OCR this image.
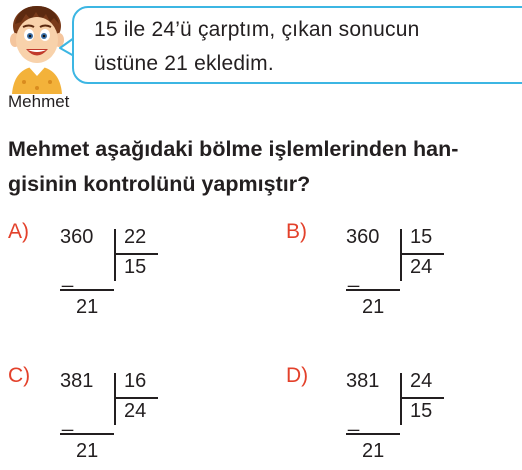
Mehmet
15 ile 24’ü çarptım, çıkan sonucun
üstüne 21 ekledim.
Mehmet aşağıdaki bölme işlemlerinden han-
gisinin kontrolünü yapmıştır?
A) 360 22
15
_
21
B) 360 15
24
_
21
C) 381 16
24
_
21
D) 381 24
15
_
21
